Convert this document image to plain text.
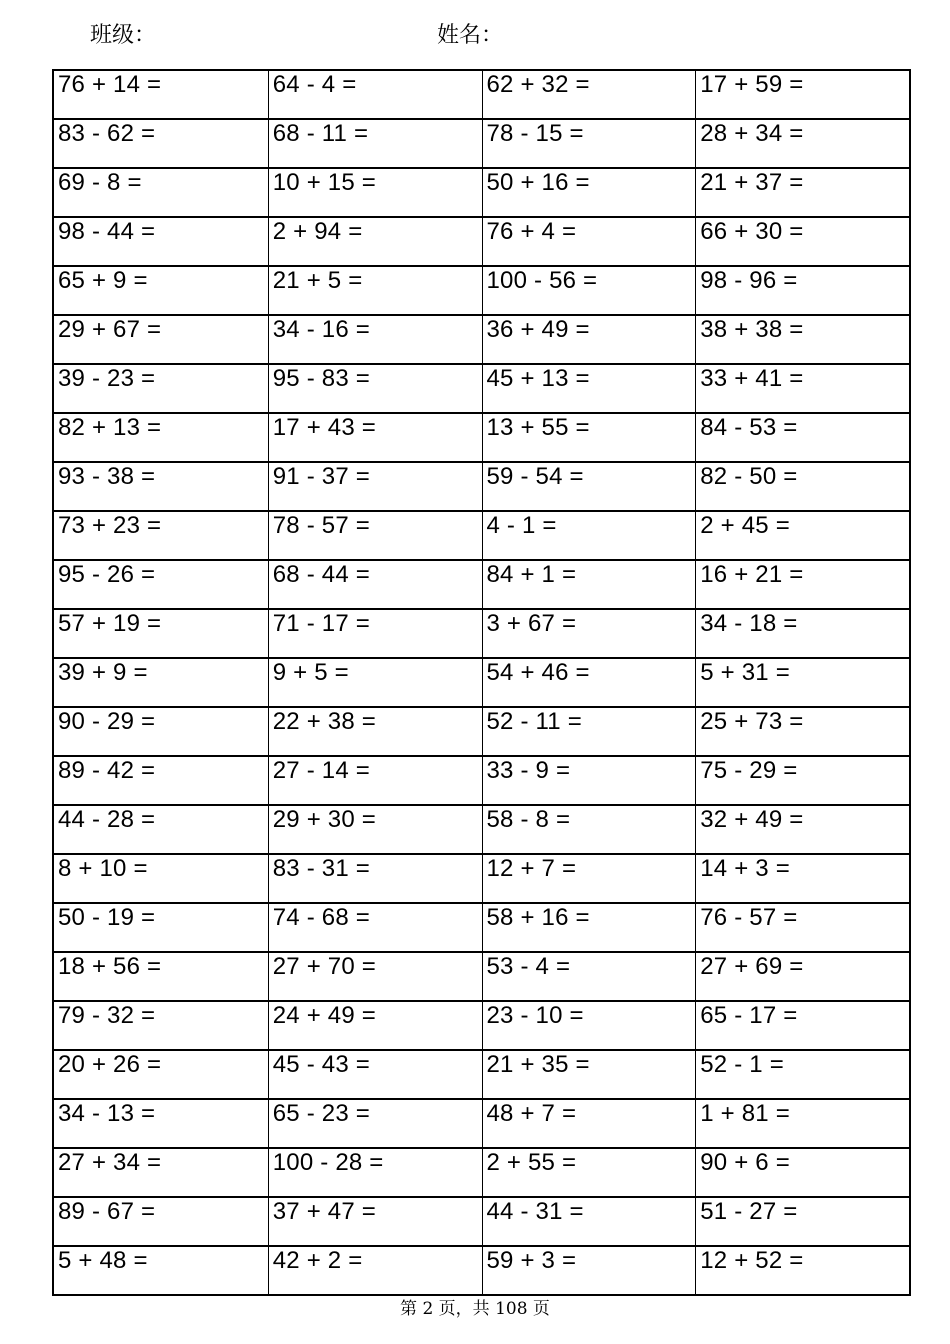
班级：	姓名：
76 + 14 =	64 - 4 =	62 + 32 =	17 + 59 =
83 - 62 =	68 - 11 =	78 - 15 =	28 + 34 =
69 - 8 =	10 + 15 =	50 + 16 =	21 + 37 =
98 - 44 =	2 + 94 =	76 + 4 =	66 + 30 =
65 + 9 =	21 + 5 =	100 - 56 =	98 - 96 =
29 + 67 =	34 - 16 =	36 + 49 =	38 + 38 =
39 - 23 =	95 - 83 =	45 + 13 =	33 + 41 =
82 + 13 =	17 + 43 =	13 + 55 =	84 - 53 =
93 - 38 =	91 - 37 =	59 - 54 =	82 - 50 =
73 + 23 =	78 - 57 =	4 - 1 =	2 + 45 =
95 - 26 =	68 - 44 =	84 + 1 =	16 + 21 =
57 + 19 =	71 - 17 =	3 + 67 =	34 - 18 =
39 + 9 =	9 + 5 =	54 + 46 =	5 + 31 =
90 - 29 =	22 + 38 =	52 - 11 =	25 + 73 =
89 - 42 =	27 - 14 =	33 - 9 =	75 - 29 =
44 - 28 =	29 + 30 =	58 - 8 =	32 + 49 =
8 + 10 =	83 - 31 =	12 + 7 =	14 + 3 =
50 - 19 =	74 - 68 =	58 + 16 =	76 - 57 =
18 + 56 =	27 + 70 =	53 - 4 =	27 + 69 =
79 - 32 =	24 + 49 =	23 - 10 =	65 - 17 =
20 + 26 =	45 - 43 =	21 + 35 =	52 - 1 =
34 - 13 =	65 - 23 =	48 + 7 =	1 + 81 =
27 + 34 =	100 - 28 =	2 + 55 =	90 + 6 =
89 - 67 =	37 + 47 =	44 - 31 =	51 - 27 =
5 + 48 =	42 + 2 =	59 + 3 =	12 + 52 =
第 2 页，共 108 页
